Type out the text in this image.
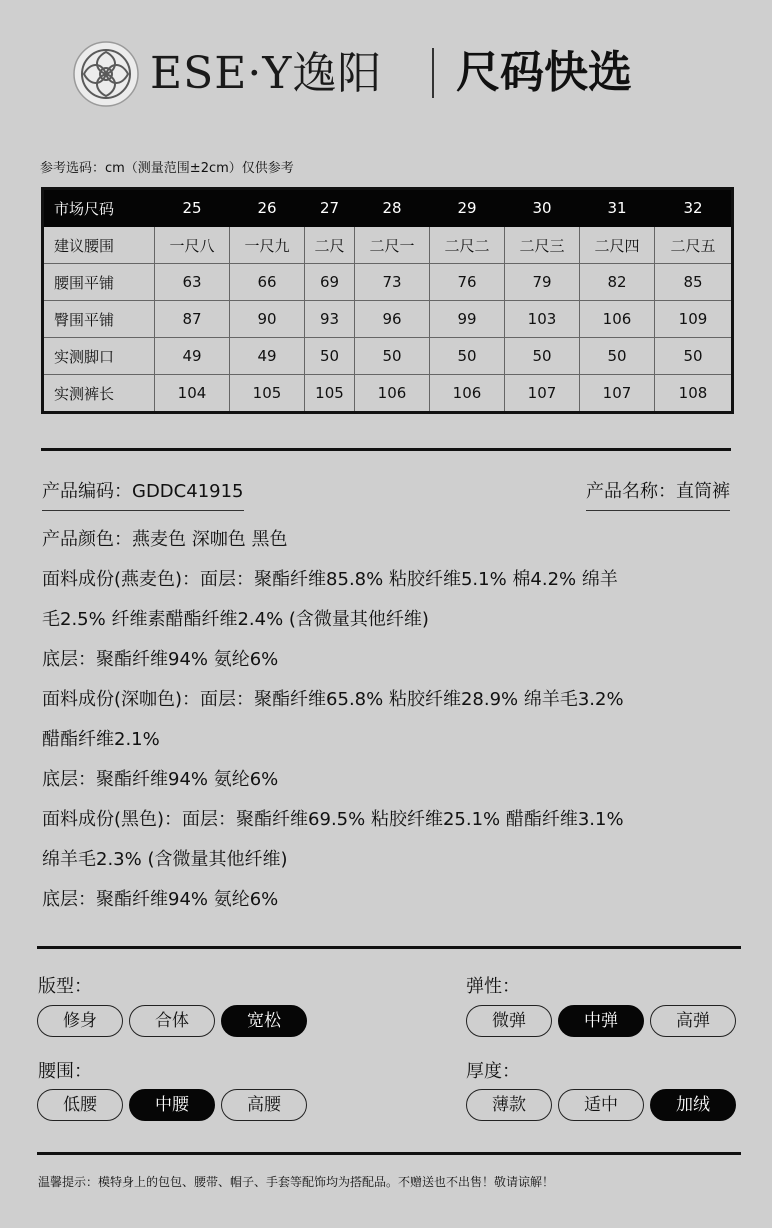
ESE·Y逸阳 尺码快选
参考选码：cm（测量范围±2cm）仅供参考
市场尺码	25	26	27	28	29	30	31	32
建议腰围	一尺八	一尺九	二尺	二尺一	二尺二	二尺三	二尺四	二尺五
腰围平铺	63	66	69	73	76	79	82	85
臀围平铺	87	90	93	96	99	103	106	109
实测脚口	49	49	50	50	50	50	50	50
实测裤长	104	105	105	106	106	107	107	108
产品编码：GDDC41915	产品名称：直筒裤

产品颜色：燕麦色 深咖色 黑色

面料成份(燕麦色)：面层：聚酯纤维85.8% 粘胶纤维5.1% 棉4.2% 绵羊

毛2.5% 纤维素醋酯纤维2.4% (含微量其他纤维)

底层：聚酯纤维94% 氨纶6%

面料成份(深咖色)：面层：聚酯纤维65.8% 粘胶纤维28.9% 绵羊毛3.2%

醋酯纤维2.1%

底层：聚酯纤维94% 氨纶6%

面料成份(黑色)：面层：聚酯纤维69.5% 粘胶纤维25.1% 醋酯纤维3.1%

绵羊毛2.3% (含微量其他纤维)

底层：聚酯纤维94% 氨纶6%

版型：
修身	合体	宽松
弹性：
微弹	中弹	高弹
腰围：
低腰	中腰	高腰
厚度：
薄款	适中	加绒
温馨提示：模特身上的包包、腰带、帽子、手套等配饰均为搭配品。不赠送也不出售！敬请谅解！
